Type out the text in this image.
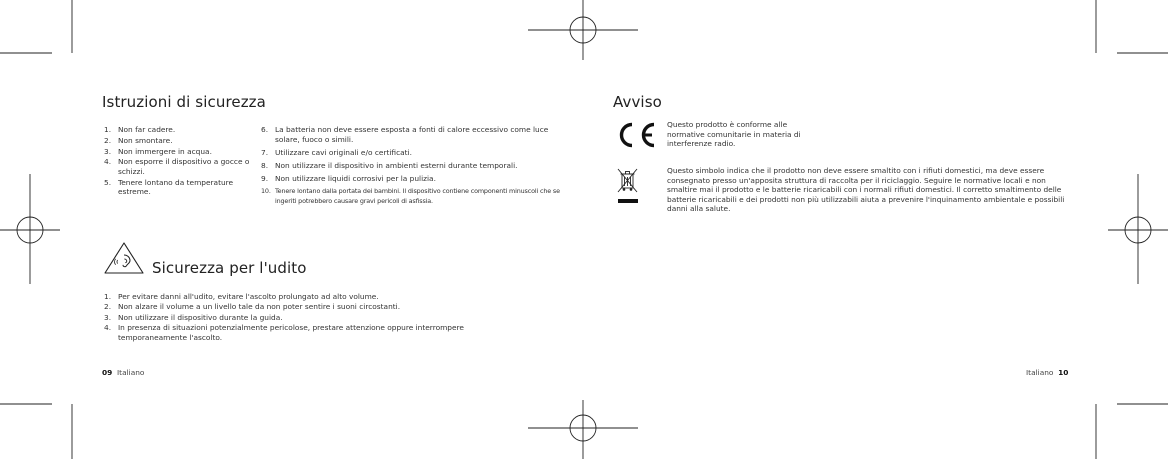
Istruzioni di sicurezza
1. Non far cadere.
2. Non smontare.
3. Non immergere in acqua.
4. Non esporre il dispositivo a gocce o schizzi.
5. Tenere lontano da temperature estreme.
6. La batteria non deve essere esposta a fonti di calore eccessivo come luce solare, fuoco o simili.
7. Utilizzare cavi originali e/o certificati.
8. Non utilizzare il dispositivo in ambienti esterni durante temporali.
9. Non utilizzare liquidi corrosivi per la pulizia.
10. Tenere lontano dalla portata dei bambini. Il dispositivo contiene componenti minuscoli che se ingeriti potrebbero causare gravi pericoli di asfissia.
Sicurezza per l'udito
1. Per evitare danni all'udito, evitare l'ascolto prolungato ad alto volume.
2. Non alzare il volume a un livello tale da non poter sentire i suoni circostanti.
3. Non utilizzare il dispositivo durante la guida.
4. In presenza di situazioni potenzialmente pericolose, prestare attenzione oppure interrompere temporaneamente l'ascolto.
09 Italiano
Avviso
Questo prodotto è conforme alle normative comunitarie in materia di interferenze radio.
Questo simbolo indica che il prodotto non deve essere smaltito con i rifiuti domestici, ma deve essere consegnato presso un'apposita struttura di raccolta per il riciclaggio. Seguire le normative locali e non smaltire mai il prodotto e le batterie ricaricabili con i normali rifiuti domestici. Il corretto smaltimento delle batterie ricaricabili e dei prodotti non più utilizzabili aiuta a prevenire l'inquinamento ambientale e possibili danni alla salute.
Italiano 10
